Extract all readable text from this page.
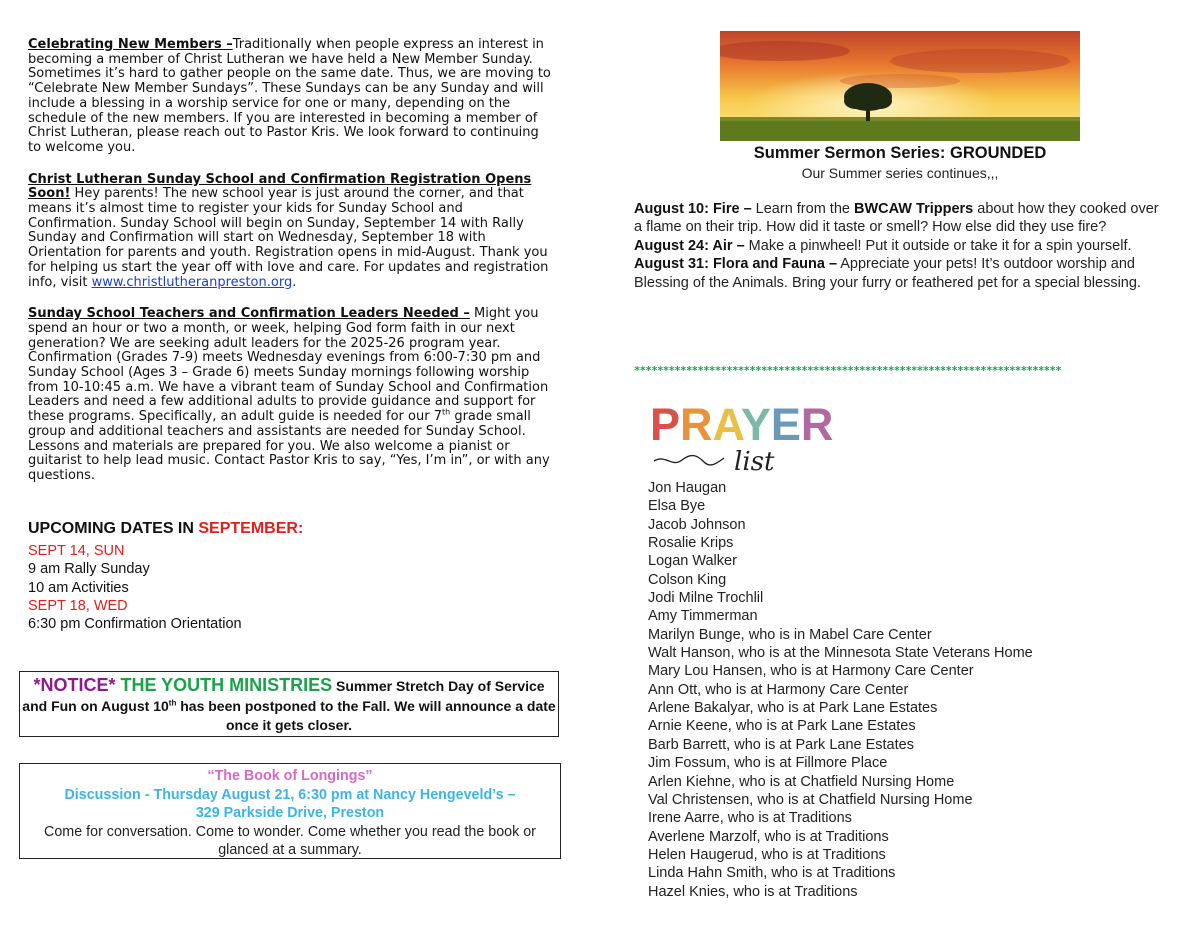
Celebrating New Members –Traditionally when people express an interest in becoming a member of Christ Lutheran we have held a New Member Sunday. Sometimes it’s hard to gather people on the same date. Thus, we are moving to “Celebrate New Member Sundays”. These Sundays can be any Sunday and will include a blessing in a worship service for one or many, depending on the schedule of the new members. If you are interested in becoming a member of Christ Lutheran, please reach out to Pastor Kris. We look forward to continuing to welcome you.

Christ Lutheran Sunday School and Confirmation Registration Opens Soon! Hey parents! The new school year is just around the corner, and that means it’s almost time to register your kids for Sunday School and Confirmation. Sunday School will begin on Sunday, September 14 with Rally Sunday and Confirmation will start on Wednesday, September 18 with Orientation for parents and youth. Registration opens in mid-August. Thank you for helping us start the year off with love and care. For updates and registration info, visit www.christlutheranpreston.org.

Sunday School Teachers and Confirmation Leaders Needed – Might you spend an hour or two a month, or week, helping God form faith in our next generation? We are seeking adult leaders for the 2025-26 program year. Confirmation (Grades 7-9) meets Wednesday evenings from 6:00-7:30 pm and Sunday School (Ages 3 – Grade 6) meets Sunday mornings following worship from 10-10:45 a.m. We have a vibrant team of Sunday School and Confirmation Leaders and need a few additional adults to provide guidance and support for these programs. Specifically, an adult guide is needed for our 7th grade small group and additional teachers and assistants are needed for Sunday School. Lessons and materials are prepared for you. We also welcome a pianist or guitarist to help lead music. Contact Pastor Kris to say, “Yes, I’m in”, or with any questions.

UPCOMING DATES IN SEPTEMBER:
SEPT 14, SUN
9 am Rally Sunday
10 am Activities
SEPT 18, WED
6:30 pm Confirmation Orientation
*NOTICE* THE YOUTH MINISTRIES Summer Stretch Day of Service and Fun on August 10th has been postponed to the Fall. We will announce a date once it gets closer.
“The Book of Longings”
Discussion - Thursday August 21, 6:30 pm at Nancy Hengeveld’s –
329 Parkside Drive, Preston
Come for conversation. Come to wonder. Come whether you read the book or glanced at a summary.
Summer Sermon Series: GROUNDED
Our Summer series continues,,,
August 10: Fire – Learn from the BWCAW Trippers about how they cooked over a flame on their trip. How did it taste or smell? How else did they use fire?
August 24: Air – Make a pinwheel! Put it outside or take it for a spin yourself.
August 31: Flora and Fauna – Appreciate your pets! It’s outdoor worship and Blessing of the Animals. Bring your furry or feathered pet for a special blessing.
**************************************************************************
PRAYER
list
Jon Haugan
Elsa Bye
Jacob Johnson
Rosalie Krips
Logan Walker
Colson King
Jodi Milne Trochlil
Amy Timmerman
Marilyn Bunge, who is in Mabel Care Center
Walt Hanson, who is at the Minnesota State Veterans Home
Mary Lou Hansen, who is at Harmony Care Center
Ann Ott, who is at Harmony Care Center
Arlene Bakalyar, who is at Park Lane Estates
Arnie Keene, who is at Park Lane Estates
Barb Barrett, who is at Park Lane Estates
Jim Fossum, who is at Fillmore Place
Arlen Kiehne, who is at Chatfield Nursing Home
Val Christensen, who is at Chatfield Nursing Home
Irene Aarre, who is at Traditions
Averlene Marzolf, who is at Traditions
Helen Haugerud, who is at Traditions
Linda Hahn Smith, who is at Traditions
Hazel Knies, who is at Traditions
